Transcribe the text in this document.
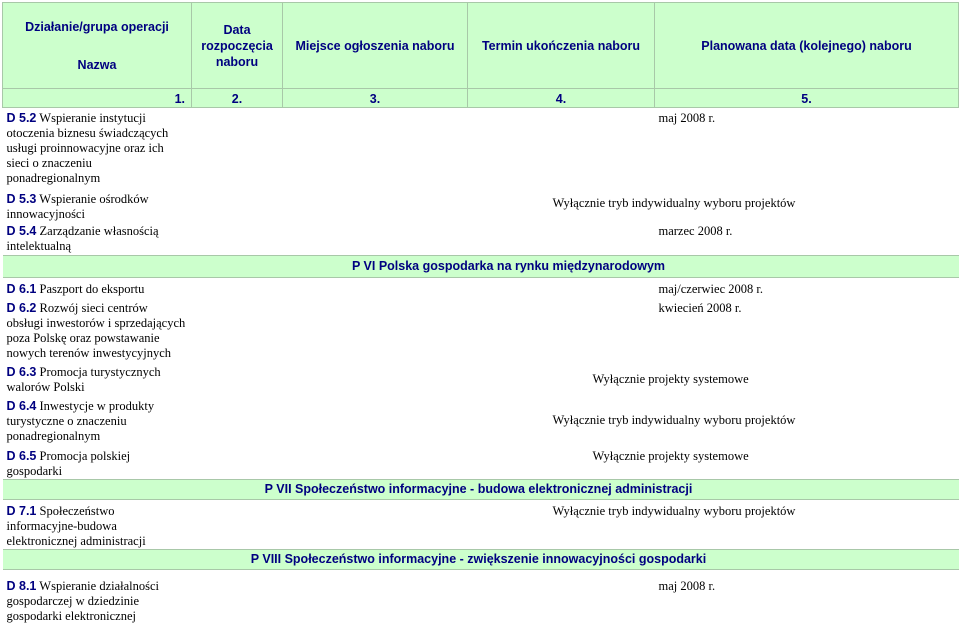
Działanie/grupa operacji
Nazwa	Data rozpoczęcia naboru	Miejsce ogłoszenia naboru	Termin ukończenia naboru	Planowana data (kolejnego) naboru
1.	2.	3.	4.	5.
D 5.2 Wspieranie instytucji otoczenia biznesu świadczących usługi proinnowacyjne oraz ich sieci o znaczeniu ponadregionalnym				maj 2008 r.
D 5.3 Wspieranie ośrodków innowacyjności		Wyłącznie tryb indywidualny wyboru projektów		
D 5.4 Zarządzanie własnością intelektualną				marzec 2008 r.
P VI Polska gospodarka na rynku międzynarodowym				
D 6.1 Paszport do eksportu				maj/czerwiec 2008 r.
D 6.2 Rozwój sieci centrów obsługi inwestorów i sprzedających poza Polskę oraz powstawanie nowych terenów inwestycyjnych				kwiecień 2008 r.
D 6.3 Promocja turystycznych walorów Polski		Wyłącznie projekty systemowe		
D 6.4 Inwestycje w produkty turystyczne o znaczeniu ponadregionalnym		Wyłącznie tryb indywidualny wyboru projektów		
D 6.5 Promocja polskiej gospodarki		Wyłącznie projekty systemowe		
P VII Społeczeństwo informacyjne - budowa elektronicznej administracji				
D 7.1 Społeczeństwo informacyjne-budowa elektronicznej administracji		Wyłącznie tryb indywidualny wyboru projektów		
P VIII Społeczeństwo informacyjne - zwiększenie innowacyjności gospodarki				
D 8.1 Wspieranie działalności gospodarczej w dziedzinie gospodarki elektronicznej				maj 2008 r.
